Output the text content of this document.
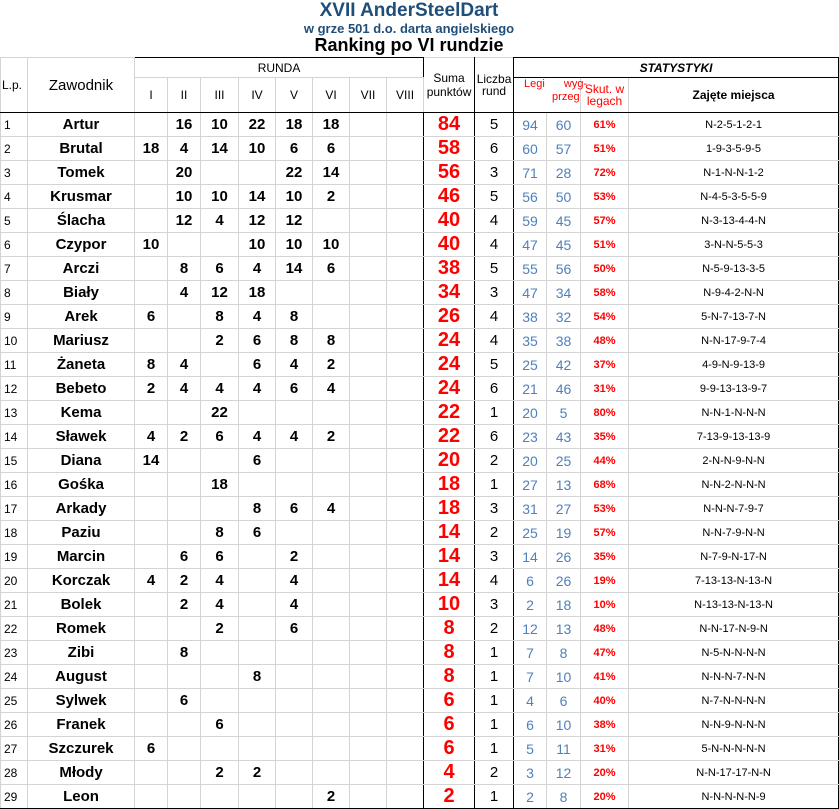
XVII AnderSteelDart
w grze 501 d.o. darta angielskiego
Ranking po VI rundzie
L.p.	Zawodnik	RUNDA								Suma punktów	Liczba rund	STATYSTYKI			
		I	II	III	IV	V	VI	VII	VIII			Legi wyg-
przeg		Skut. w legach	Zajęte miejsca
1	Artur		16	10	22	18	18			84	5	94	60	61%	N-2-5-1-2-1
2	Brutal	18	4	14	10	6	6			58	6	60	57	51%	1-9-3-5-9-5
3	Tomek		20			22	14			56	3	71	28	72%	N-1-N-N-1-2
4	Krusmar		10	10	14	10	2			46	5	56	50	53%	N-4-5-3-5-5-9
5	Ślacha		12	4	12	12				40	4	59	45	57%	N-3-13-4-4-N
6	Czypor	10			10	10	10			40	4	47	45	51%	3-N-N-5-5-3
7	Arczi		8	6	4	14	6			38	5	55	56	50%	N-5-9-13-3-5
8	Biały		4	12	18					34	3	47	34	58%	N-9-4-2-N-N
9	Arek	6		8	4	8				26	4	38	32	54%	5-N-7-13-7-N
10	Mariusz			2	6	8	8			24	4	35	38	48%	N-N-17-9-7-4
11	Żaneta	8	4		6	4	2			24	5	25	42	37%	4-9-N-9-13-9
12	Bebeto	2	4	4	4	6	4			24	6	21	46	31%	9-9-13-13-9-7
13	Kema			22						22	1	20	5	80%	N-N-1-N-N-N
14	Sławek	4	2	6	4	4	2			22	6	23	43	35%	7-13-9-13-13-9
15	Diana	14			6					20	2	20	25	44%	2-N-N-9-N-N
16	Gośka			18						18	1	27	13	68%	N-N-2-N-N-N
17	Arkady				8	6	4			18	3	31	27	53%	N-N-N-7-9-7
18	Paziu			8	6					14	2	25	19	57%	N-N-7-9-N-N
19	Marcin		6	6		2				14	3	14	26	35%	N-7-9-N-17-N
20	Korczak	4	2	4		4				14	4	6	26	19%	7-13-13-N-13-N
21	Bolek		2	4		4				10	3	2	18	10%	N-13-13-N-13-N
22	Romek			2		6				8	2	12	13	48%	N-N-17-N-9-N
23	Zibi		8							8	1	7	8	47%	N-5-N-N-N-N
24	August				8					8	1	7	10	41%	N-N-N-7-N-N
25	Sylwek		6							6	1	4	6	40%	N-7-N-N-N-N
26	Franek			6						6	1	6	10	38%	N-N-9-N-N-N
27	Szczurek	6								6	1	5	11	31%	5-N-N-N-N-N
28	Młody			2	2					4	2	3	12	20%	N-N-17-17-N-N
29	Leon						2			2	1	2	8	20%	N-N-N-N-N-9
